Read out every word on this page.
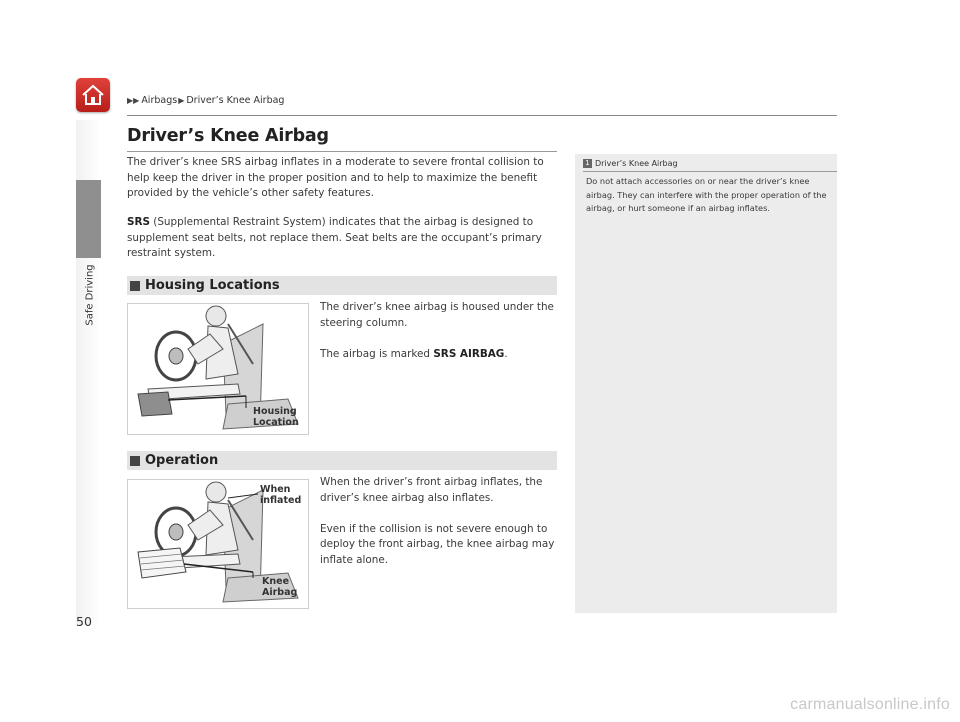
Safe Driving
▶▶ Airbags ▶ Driver’s Knee Airbag
Driver’s Knee Airbag

The driver’s knee SRS airbag inflates in a moderate to severe frontal collision to help keep the driver in the proper position and to help to maximize the benefit provided by the vehicle’s other safety features.

SRS (Supplemental Restraint System) indicates that the airbag is designed to supplement seat belts, not replace them. Seat belts are the occupant’s primary restraint system.

Housing Locations
Housing
Location

The driver’s knee airbag is housed under the steering column.

The airbag is marked SRS AIRBAG.

Operation
When
inflated
Knee
Airbag

When the driver’s front airbag inflates, the driver’s knee airbag also inflates.

Even if the collision is not severe enough to deploy the front airbag, the knee airbag may inflate alone.

1 Driver’s Knee Airbag

Do not attach accessories on or near the driver’s knee airbag. They can interfere with the proper operation of the airbag, or hurt someone if an airbag inflates.

50
carmanualsonline.info
